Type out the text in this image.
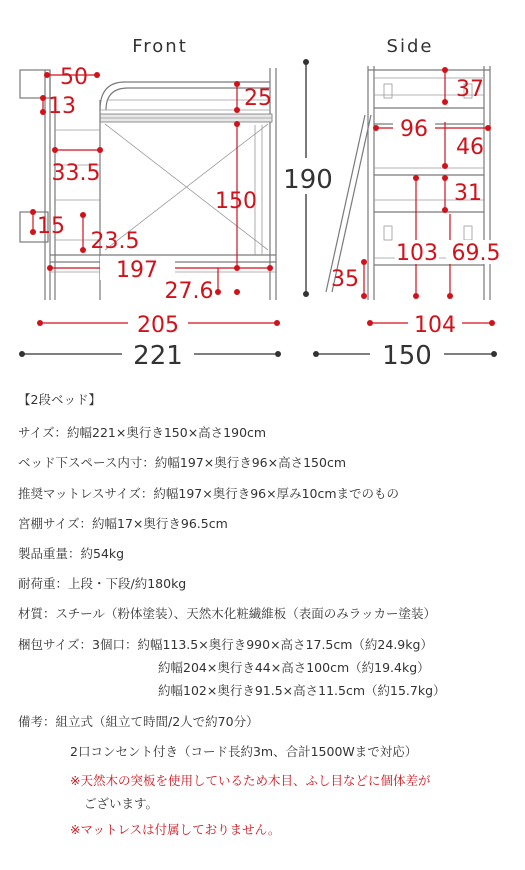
Front	Side
50
13	25
33.5
150
15
23.5
197
27.6
205
221
190
37
96
46
31
103 69.5
35
104
150
【2段ベッド】
サイズ：約幅221×奥行き150×高さ190cm
ベッド下スペース内寸：約幅197×奥行き96×高さ150cm
推奨マットレスサイズ：約幅197×奥行き96×厚み10cmまでのもの
宮棚サイズ：約幅17×奥行き96.5cm
製品重量：約54kg
耐荷重：上段・下段/約180kg
材質：スチール（粉体塗装）、天然木化粧繊維板（表面のみラッカー塗装）
梱包サイズ：3個口：約幅113.5×奥行き990×高さ17.5cm（約24.9kg）
約幅204×奥行き44×高さ100cm（約19.4kg）
約幅102×奥行き91.5×高さ11.5cm（約15.7kg）
備考：組立式（組立て時間/2人で約70分）
2口コンセント付き（コード長約3m、合計1500Wまで対応）
※天然木の突板を使用しているため木目、ふし目などに個体差が
ございます。
※マットレスは付属しておりません。
